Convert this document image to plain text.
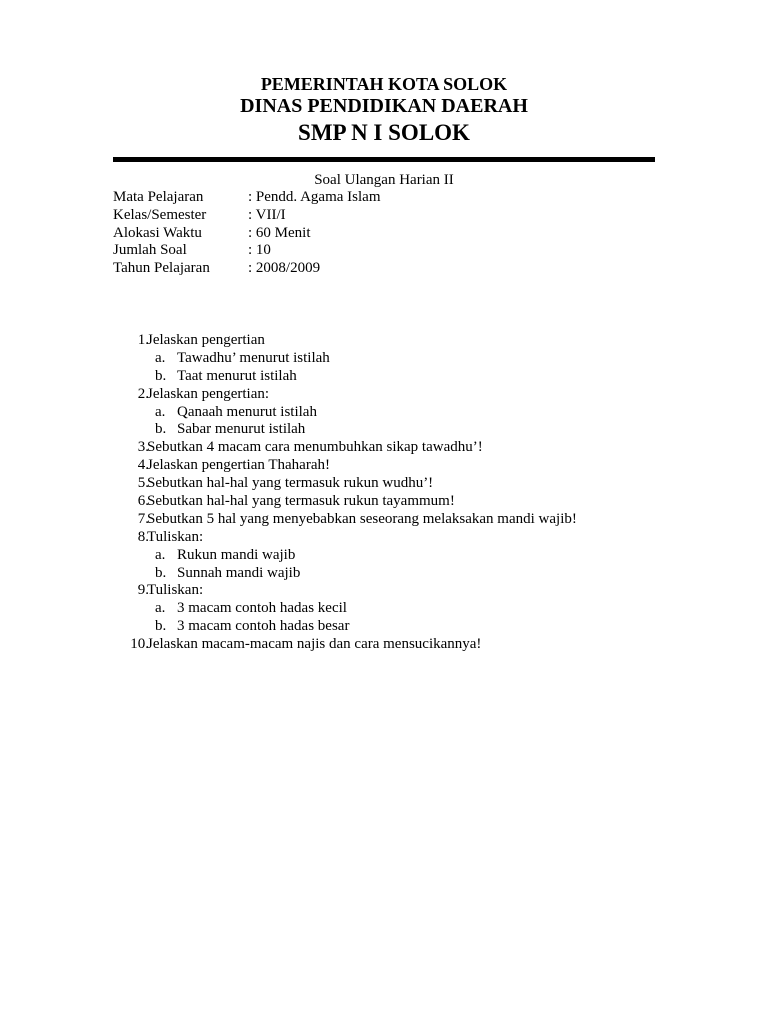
PEMERINTAH KOTA SOLOK
DINAS PENDIDIKAN DAERAH
SMP N I SOLOK
Soal Ulangan Harian II
Mata Pelajaran	: Pendd. Agama Islam
Kelas/Semester	: VII/I
Alokasi Waktu	: 60 Menit
Jumlah Soal	: 10
Tahun Pelajaran	: 2008/2009
1.
Jelaskan pengertian
a. Tawadhu’ menurut istilah
b. Taat menurut istilah
2.
Jelaskan pengertian:
a. Qanaah menurut istilah
b. Sabar menurut istilah
3.
Sebutkan 4 macam cara menumbuhkan sikap tawadhu’!
4.
Jelaskan pengertian Thaharah!
5.
Sebutkan hal-hal yang termasuk rukun wudhu’!
6.
Sebutkan hal-hal yang termasuk rukun tayammum!
7.
Sebutkan 5 hal yang menyebabkan seseorang melaksakan mandi wajib!
8.
Tuliskan:
a. Rukun mandi wajib
b. Sunnah mandi wajib
9.
Tuliskan:
a. 3 macam contoh hadas kecil
b. 3 macam contoh hadas besar
10.
Jelaskan macam-macam najis dan cara mensucikannya!
